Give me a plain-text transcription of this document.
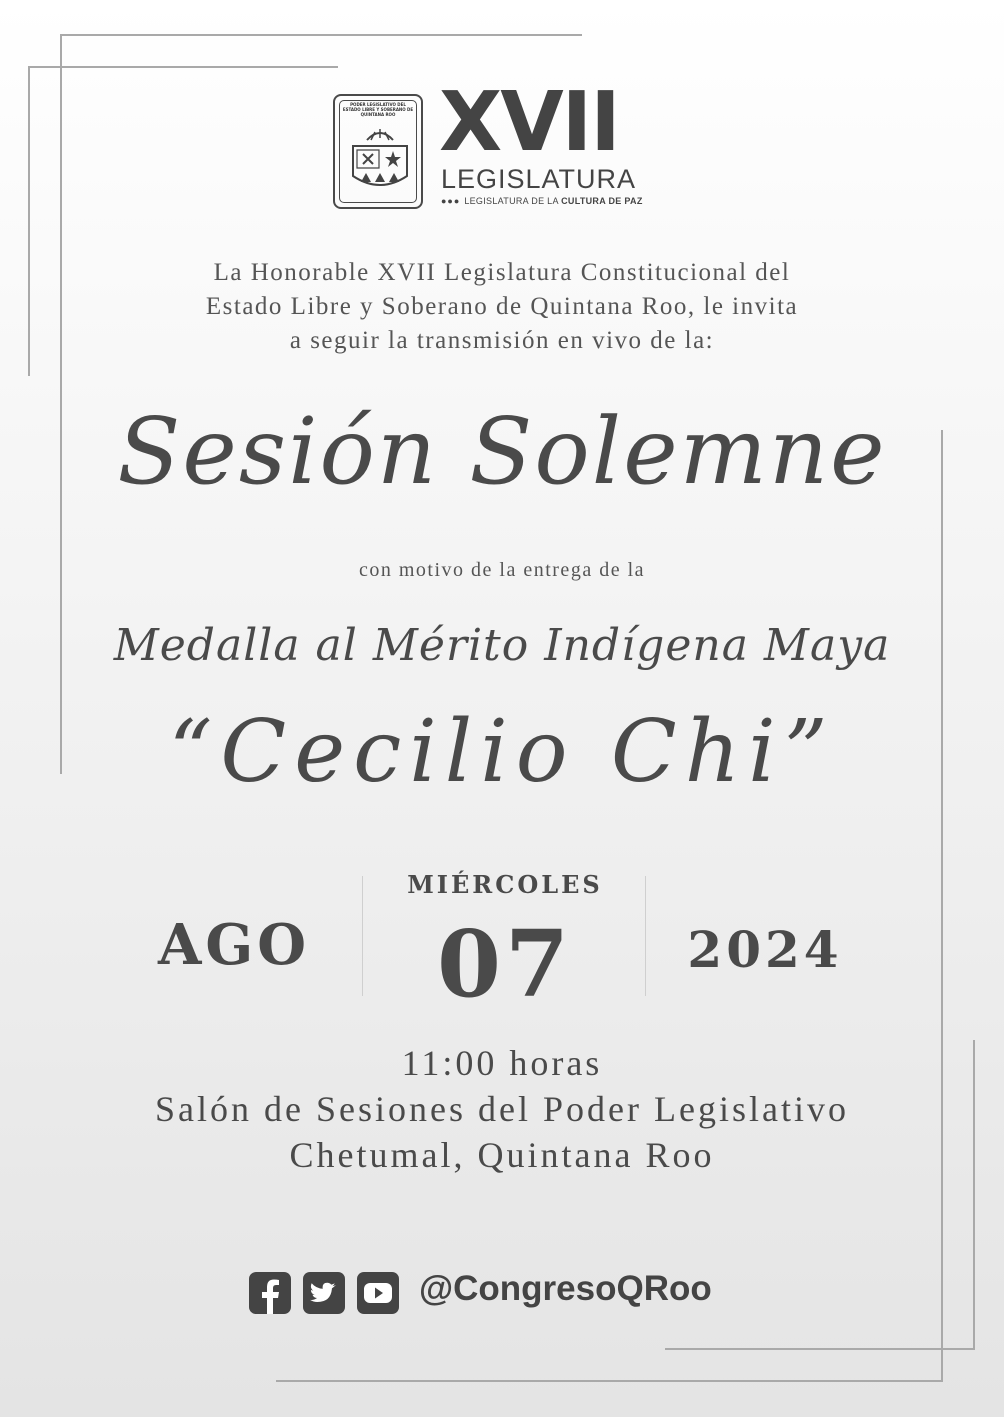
PODER LEGISLATIVO DEL ESTADO LIBRE Y SOBERANO DE QUINTANA ROO XVII
LEGISLATURA
●●● LEGISLATURA DE LA CULTURA DE PAZ
La Honorable XVII Legislatura Constitucional del
Estado Libre y Soberano de Quintana Roo, le invita
a seguir la transmisión en vivo de la:
Sesión Solemne
con motivo de la entrega de la
Medalla al Mérito Indígena Maya
“Cecilio Chi”
AGO
MIÉRCOLES
07	2024
11:00 horas
Salón de Sesiones del Poder Legislativo
Chetumal, Quintana Roo
@CongresoQRoo
